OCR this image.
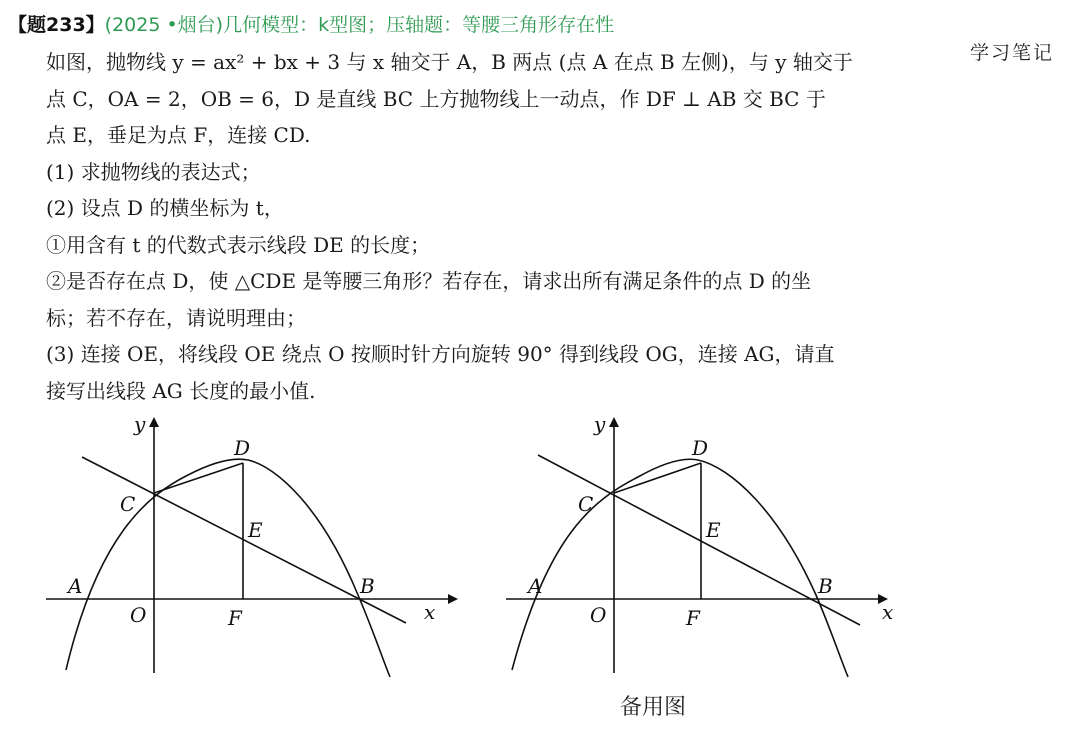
【题233】(2025 •烟台)几何模型：k型图；压轴题：等腰三角形存在性
学习笔记

如图，抛物线 y = ax² + bx + 3 与 x 轴交于 A，B 两点 (点 A 在点 B 左侧)，与 y 轴交于

点 C，OA = 2，OB = 6，D 是直线 BC 上方抛物线上一动点，作 DF ⊥ AB 交 BC 于

点 E，垂足为点 F，连接 CD.

(1) 求抛物线的表达式；

(2) 设点 D 的横坐标为 t，

①用含有 t 的代数式表示线段 DE 的长度；

②是否存在点 D，使 △CDE 是等腰三角形？若存在，请求出所有满足条件的点 D 的坐

标；若不存在，请说明理由；

(3) 连接 OE，将线段 OE 绕点 O 按顺时针方向旋转 90° 得到线段 OG，连接 AG，请直

接写出线段 AG 长度的最小值.

y
x
O
A	B
C
D
E
F
y
x
O
A	B
C
D
E
F
备用图
